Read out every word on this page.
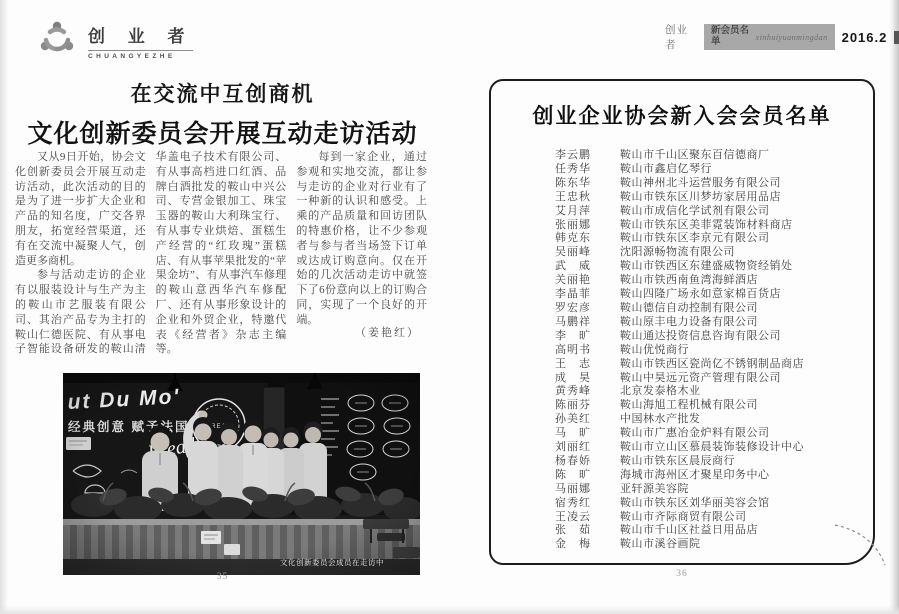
创 业 者
CHUANGYEZHE
创业者
新会员名单	xinhuiyuanmingdan 2016.2
在交流中互创商机
文化创新委员会开展互动走访活动

又从9日开始，协会文化创新委员会开展互动走访活动，此次活动的目的是为了进一步扩大企业和产品的知名度，广交各界朋友，拓宽经营渠道，还有在交流中凝聚人气，创造更多商机。

参与活动走访的企业有以服装设计与生产为主的鞍山市艺服装有限公司、其治产品专为主打的鞍山仁德医院、有从事电子智能设备研发的鞍山清华盖电子技术有限公司、有从事高档进口红酒、品牌白酒批发的鞍山中兴公司、专营金银加工、珠宝玉器的鞍山大利珠宝行、有从事专业烘焙、蛋糕生产经营的“红玫瑰”蛋糕店、有从事苹果批发的“苹果金坊”、有从事汽车修理的鞍山意西华汽车修配厂、还有从事形象设计的企业和外贸企业，特邀代表《经营者》杂志主编等。

每到一家企业，通过参观和实地交流，都让参与走访的企业对行业有了一种新的认识和感受。上乘的产品质量和回访团队的特惠价格，让不少参观者与参与者当场签下订单或达成订购意向。仅在开始的几次活动走访中就签下了6份意向以上的订购合同，实现了一个良好的开端。

（姜艳红）
文化创新委员会成员在走访中
35
创业企业协会新入会会员名单
李云鹏	鞍山市千山区聚东百信德商厂
任秀华	鞍山市鑫启亿琴行
陈东华	鞍山神州北斗运营服务有限公司
王忠秋	鞍山市铁东区川梦坊家居用品店
艾月萍	鞍山市成信化学试剂有限公司
张丽娜	鞍山市铁东区美菲霓装饰材料商店
韩克东	鞍山市铁东区李京元有限公司
吴丽峰	沈阳源畅物流有限公司
武　威	鞍山市铁西区东建盛威物资经销处
关丽艳	鞍山市铁西南鱼湾海鲜酒店
李晶菲	鞍山四隆广场永如意家棉百货店
罗宏彦	鞍山德信自动控制有限公司
马鹏祥	鞍山原丰电力设备有限公司
李　旷	鞍山通达投资信息咨询有限公司
高明书	鞍山优悦商行
王　志	鞍山市铁西区瓷尚亿不锈钢制品商店
成　昊	鞍山中昊远元资产管理有限公司
黄秀峰	北京发泰格木业
陈丽芬	鞍山海旭工程机械有限公司
孙美红	中国林水产批发
马　旷	鞍山市广惠冶金炉料有限公司
刘丽红	鞍山市立山区慕晨装饰装修设计中心
杨春娇	鞍山市铁东区晨辰商行
陈　旷	海城市海州区才聚星印务中心
马丽娜	亚轩源美容院
宿秀红	鞍山市铁东区刘华丽美容会馆
王凌云	鞍山市齐际商贸有限公司
张　茹	鞍山市千山区社益日用品店
金　梅	鞍山市溪谷画院
36
